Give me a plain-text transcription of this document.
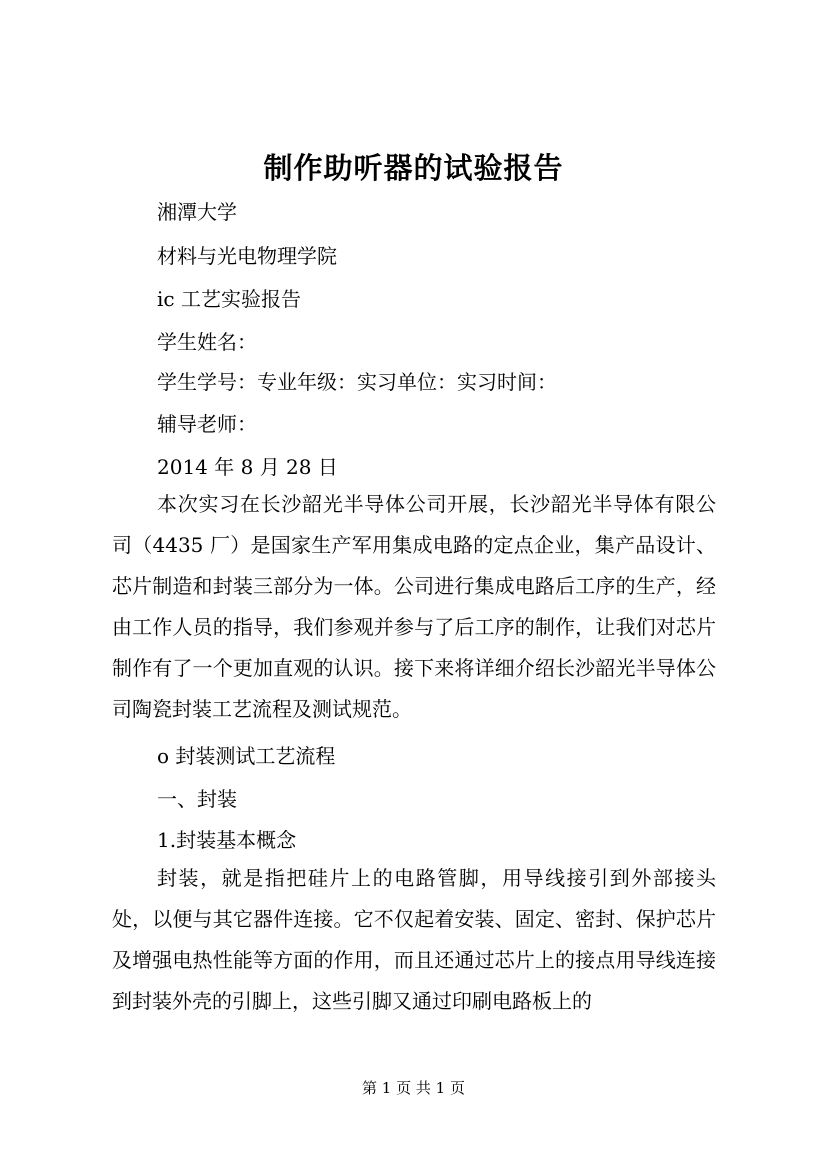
制作助听器的试验报告

湘潭大学

材料与光电物理学院

ic 工艺实验报告

学生姓名：

学生学号：专业年级：实习单位：实习时间：

辅导老师：

2014 年 8 月 28 日

本次实习在长沙韶光半导体公司开展，长沙韶光半导体有限公司（4435 厂）是国家生产军用集成电路的定点企业，集产品设计、芯片制造和封装三部分为一体。公司进行集成电路后工序的生产，经由工作人员的指导，我们参观并参与了后工序的制作，让我们对芯片制作有了一个更加直观的认识。接下来将详细介绍长沙韶光半导体公司陶瓷封装工艺流程及测试规范。

o 封装测试工艺流程

一、封装

1.封装基本概念

封装，就是指把硅片上的电路管脚，用导线接引到外部接头处，以便与其它器件连接。它不仅起着安装、固定、密封、保护芯片及增强电热性能等方面的作用，而且还通过芯片上的接点用导线连接到封装外壳的引脚上，这些引脚又通过印刷电路板上的

第 1 页 共 1 页
